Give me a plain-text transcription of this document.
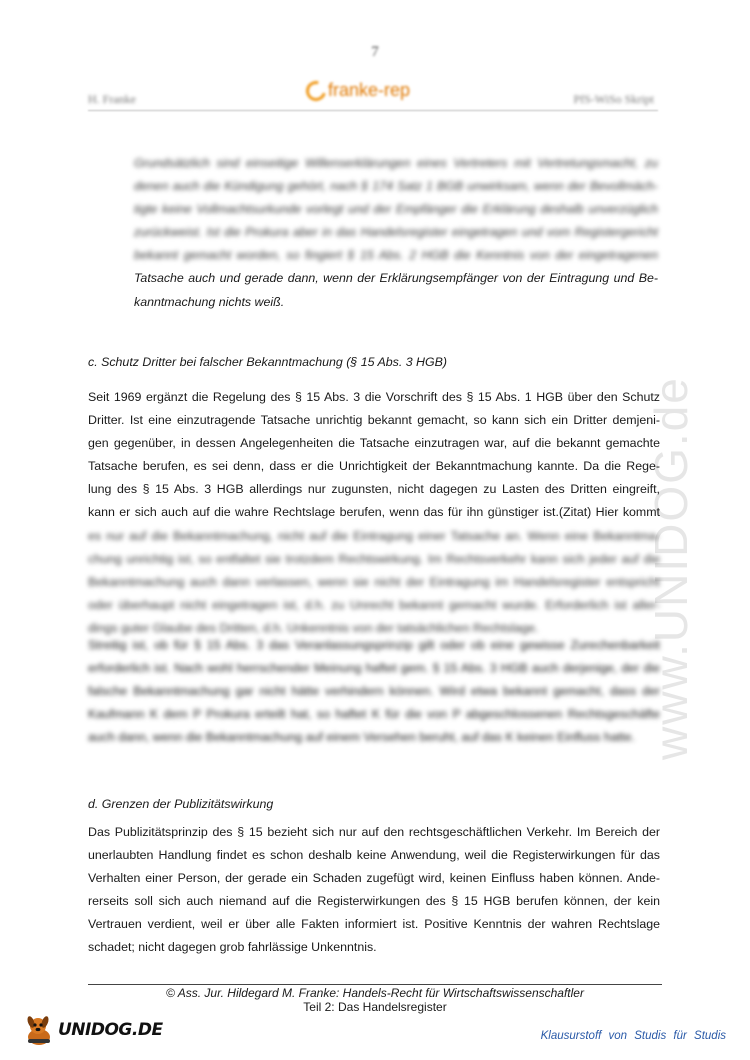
7
H. Franke	franke-rep	PfS-WiSo Skript
www.UNIDOG.de
Grundsätzlich sind einseitige Willenserklärungen eines Vertreters mit Vertretungsmacht, zu
denen auch die Kündigung gehört, nach § 174 Satz 1 BGB unwirksam, wenn der Bevollmäch-
tigte keine Vollmachtsurkunde vorlegt und der Empfänger die Erklärung deshalb unverzüglich
zurückweist. Ist die Prokura aber in das Handelsregister eingetragen und vom Registergericht
bekannt gemacht worden, so fingiert § 15 Abs. 2 HGB die Kenntnis von der eingetragenen
Tatsache auch und gerade dann, wenn der Erklärungsempfänger von der Eintragung und Be-
kanntmachung nichts weiß.
c. Schutz Dritter bei falscher Bekanntmachung (§ 15 Abs. 3 HGB)
Seit 1969 ergänzt die Regelung des § 15 Abs. 3 die Vorschrift des § 15 Abs. 1 HGB über den Schutz
Dritter. Ist eine einzutragende Tatsache unrichtig bekannt gemacht, so kann sich ein Dritter demjeni-
gen gegenüber, in dessen Angelegenheiten die Tatsache einzutragen war, auf die bekannt gemachte
Tatsache berufen, es sei denn, dass er die Unrichtigkeit der Bekanntmachung kannte. Da die Rege-
lung des § 15 Abs. 3 HGB allerdings nur zugunsten, nicht dagegen zu Lasten des Dritten eingreift,
kann er sich auch auf die wahre Rechtslage berufen, wenn das für ihn günstiger ist.(Zitat) Hier kommt
es nur auf die Bekanntmachung, nicht auf die Eintragung einer Tatsache an. Wenn eine Bekanntma-
chung unrichtig ist, so entfaltet sie trotzdem Rechtswirkung. Im Rechtsverkehr kann sich jeder auf die
Bekanntmachung auch dann verlassen, wenn sie nicht der Eintragung im Handelsregister entspricht
oder überhaupt nicht eingetragen ist, d.h. zu Unrecht bekannt gemacht wurde. Erforderlich ist aller-
dings guter Glaube des Dritten, d.h. Unkenntnis von der tatsächlichen Rechtslage.
Streitig ist, ob für § 15 Abs. 3 das Veranlassungsprinzip gilt oder ob eine gewisse Zurechenbarkeit
erforderlich ist. Nach wohl herrschender Meinung haftet gem. § 15 Abs. 3 HGB auch derjenige, der die
falsche Bekanntmachung gar nicht hätte verhindern können. Wird etwa bekannt gemacht, dass der
Kaufmann K dem P Prokura erteilt hat, so haftet K für die von P abgeschlossenen Rechtsgeschäfte
auch dann, wenn die Bekanntmachung auf einem Versehen beruht, auf das K keinen Einfluss hatte.
d. Grenzen der Publizitätswirkung
Das Publizitätsprinzip des § 15 bezieht sich nur auf den rechtsgeschäftlichen Verkehr. Im Bereich der
unerlaubten Handlung findet es schon deshalb keine Anwendung, weil die Registerwirkungen für das
Verhalten einer Person, der gerade ein Schaden zugefügt wird, keinen Einfluss haben können. Ande-
rerseits soll sich auch niemand auf die Registerwirkungen des § 15 HGB berufen können, der kein
Vertrauen verdient, weil er über alle Fakten informiert ist. Positive Kenntnis der wahren Rechtslage
schadet; nicht dagegen grob fahrlässige Unkenntnis.
© Ass. Jur. Hildegard M. Franke: Handels-Recht für Wirtschaftswissenschaftler
Teil 2: Das Handelsregister
UNIDOG.DE	Klausurstoff von Studis für Studis
